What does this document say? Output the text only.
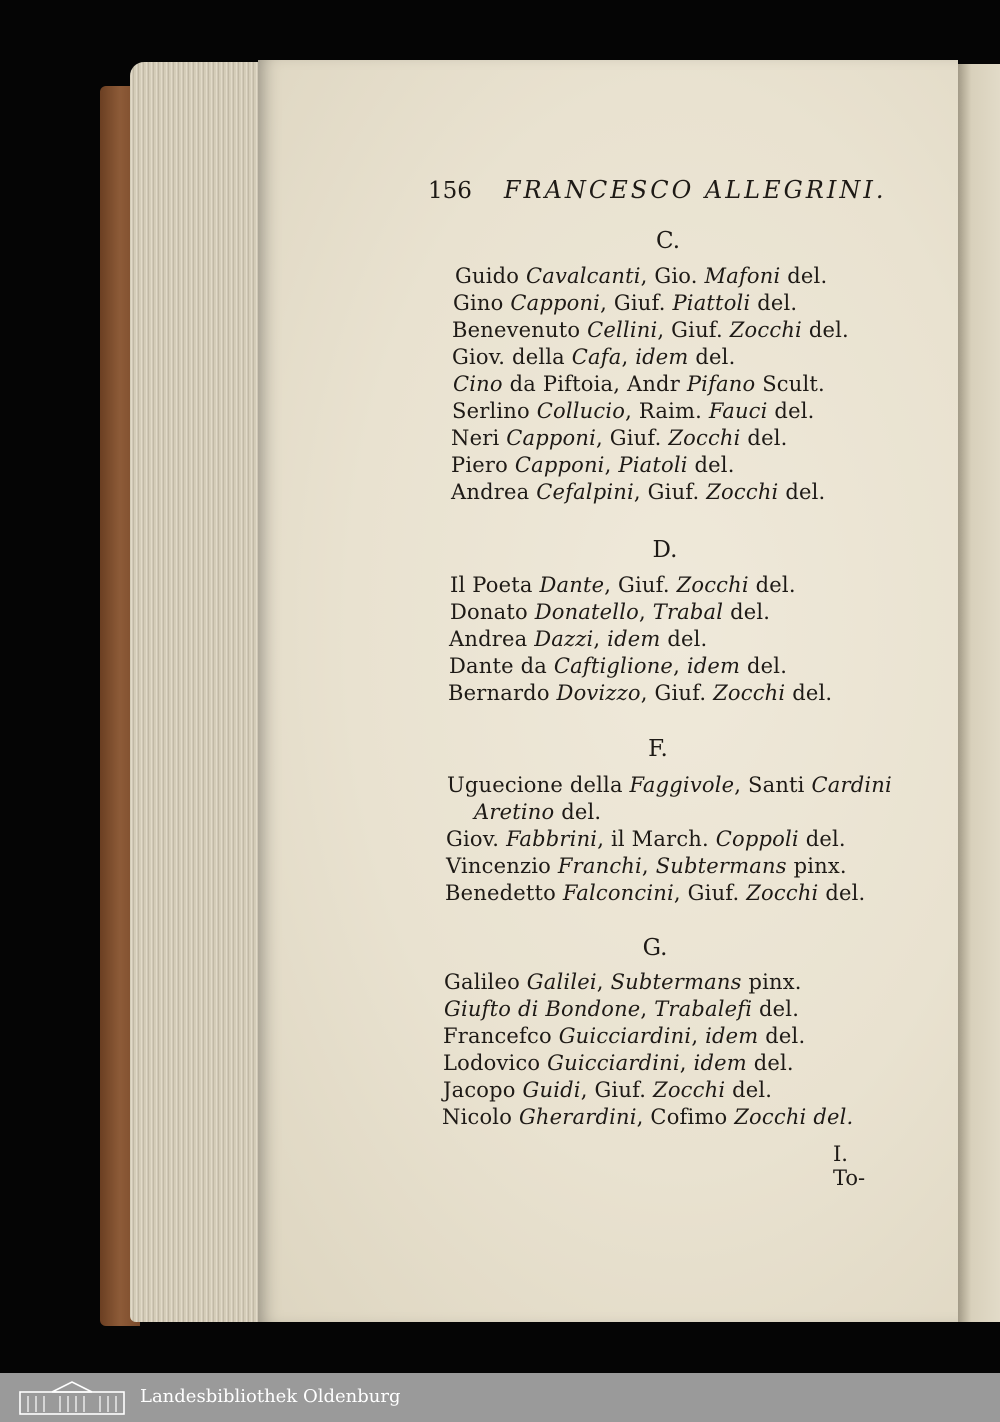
156 FRANCESCO ALLEGRINI.
C.
Guido Cavalcanti, Gio. Mafoni del.
Gino Capponi, Giuf. Piattoli del.
Benevenuto Cellini, Giuf. Zocchi del.
Giov. della Cafa, idem del.
Cino da Piftoia, Andr Pifano Scult.
Serlino Collucio, Raim. Fauci del.
Neri Capponi, Giuf. Zocchi del.
Piero Capponi, Piatoli del.
Andrea Cefalpini, Giuf. Zocchi del.
D.
Il Poeta Dante, Giuf. Zocchi del.
Donato Donatello, Trabal del.
Andrea Dazzi, idem del.
Dante da Caftiglione, idem del.
Bernardo Dovizzo, Giuf. Zocchi del.
F.
Uguecione della Faggivole, Santi Cardini
Aretino del.
Giov. Fabbrini, il March. Coppoli del.
Vincenzio Franchi, Subtermans pinx.
Benedetto Falconcini, Giuf. Zocchi del.
G.
Galileo Galilei, Subtermans pinx.
Giufto di Bondone, Trabalefi del.
Francefco Guicciardini, idem del.
Lodovico Guicciardini, idem del.
Jacopo Guidi, Giuf. Zocchi del.
Nicolo Gherardini, Cofimo Zocchi del.
I. To-
Landesbibliothek Oldenburg
